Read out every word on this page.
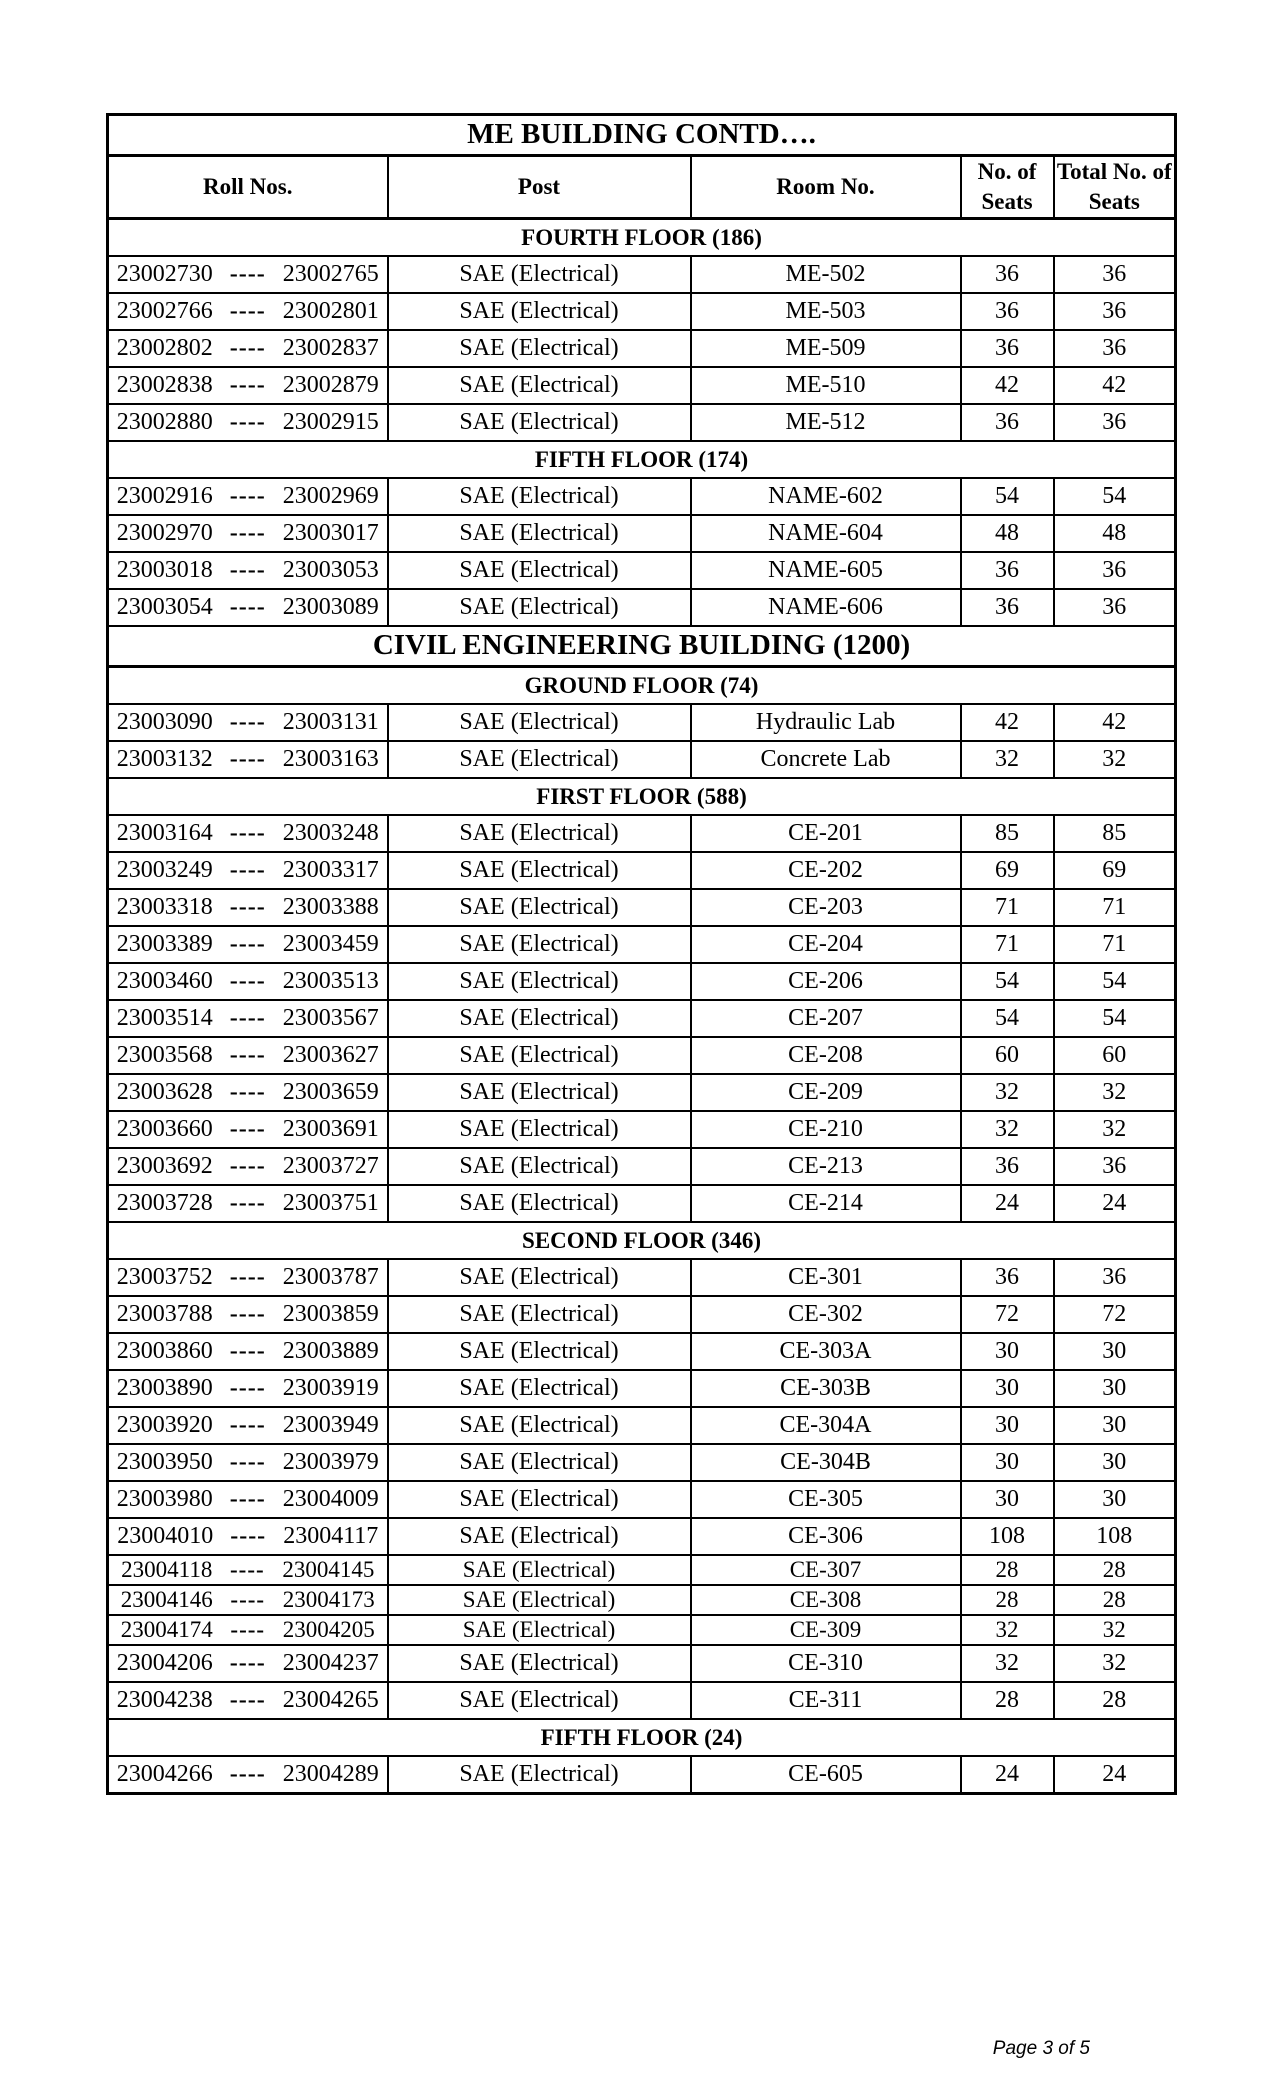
ME BUILDING CONTD….				
Roll Nos.	Post	Room No.	No. of Seats	Total No. of Seats
FOURTH FLOOR (186)				
23002730 ---- 23002765	SAE (Electrical)	ME-502	36	36
23002766 ---- 23002801	SAE (Electrical)	ME-503	36	36
23002802 ---- 23002837	SAE (Electrical)	ME-509	36	36
23002838 ---- 23002879	SAE (Electrical)	ME-510	42	42
23002880 ---- 23002915	SAE (Electrical)	ME-512	36	36
FIFTH FLOOR (174)				
23002916 ---- 23002969	SAE (Electrical)	NAME-602	54	54
23002970 ---- 23003017	SAE (Electrical)	NAME-604	48	48
23003018 ---- 23003053	SAE (Electrical)	NAME-605	36	36
23003054 ---- 23003089	SAE (Electrical)	NAME-606	36	36
CIVIL ENGINEERING BUILDING (1200)				
GROUND FLOOR (74)				
23003090 ---- 23003131	SAE (Electrical)	Hydraulic Lab	42	42
23003132 ---- 23003163	SAE (Electrical)	Concrete Lab	32	32
FIRST FLOOR (588)				
23003164 ---- 23003248	SAE (Electrical)	CE-201	85	85
23003249 ---- 23003317	SAE (Electrical)	CE-202	69	69
23003318 ---- 23003388	SAE (Electrical)	CE-203	71	71
23003389 ---- 23003459	SAE (Electrical)	CE-204	71	71
23003460 ---- 23003513	SAE (Electrical)	CE-206	54	54
23003514 ---- 23003567	SAE (Electrical)	CE-207	54	54
23003568 ---- 23003627	SAE (Electrical)	CE-208	60	60
23003628 ---- 23003659	SAE (Electrical)	CE-209	32	32
23003660 ---- 23003691	SAE (Electrical)	CE-210	32	32
23003692 ---- 23003727	SAE (Electrical)	CE-213	36	36
23003728 ---- 23003751	SAE (Electrical)	CE-214	24	24
SECOND FLOOR (346)				
23003752 ---- 23003787	SAE (Electrical)	CE-301	36	36
23003788 ---- 23003859	SAE (Electrical)	CE-302	72	72
23003860 ---- 23003889	SAE (Electrical)	CE-303A	30	30
23003890 ---- 23003919	SAE (Electrical)	CE-303B	30	30
23003920 ---- 23003949	SAE (Electrical)	CE-304A	30	30
23003950 ---- 23003979	SAE (Electrical)	CE-304B	30	30
23003980 ---- 23004009	SAE (Electrical)	CE-305	30	30
23004010 ---- 23004117	SAE (Electrical)	CE-306	108	108
23004118 ---- 23004145	SAE (Electrical)	CE-307	28	28
23004146 ---- 23004173	SAE (Electrical)	CE-308	28	28
23004174 ---- 23004205	SAE (Electrical)	CE-309	32	32
23004206 ---- 23004237	SAE (Electrical)	CE-310	32	32
23004238 ---- 23004265	SAE (Electrical)	CE-311	28	28
FIFTH FLOOR (24)				
23004266 ---- 23004289	SAE (Electrical)	CE-605	24	24
Page 3 of 5
